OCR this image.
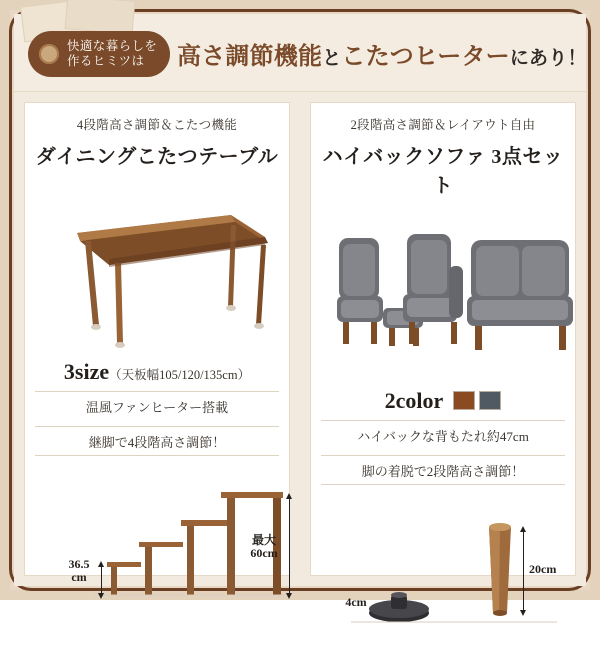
快適な暮らしを
作るヒミツは	高さ調節機能とこたつヒーターにあり！
4段階高さ調節＆こたつ機能
ダイニングこたつテーブル
3size（天板幅105/120/135cm）
温風ファンヒーター搭載
継脚で4段階高さ調節！
36.5
cm
最大
60cm
2段階高さ調節＆レイアウト自由
ハイバックソファ 3点セット
2color
ハイバックな背もたれ約47cm
脚の着脱で2段階高さ調節！
20cm
4cm
